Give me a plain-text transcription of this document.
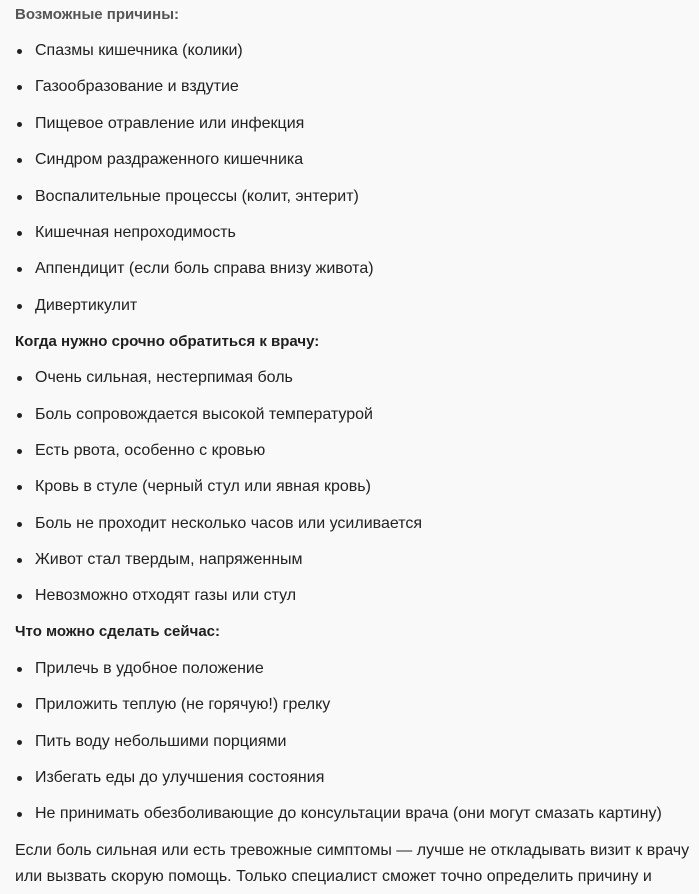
Возможные причины:
Спазмы кишечника (колики)
Газообразование и вздутие
Пищевое отравление или инфекция
Синдром раздраженного кишечника
Воспалительные процессы (колит, энтерит)
Кишечная непроходимость
Аппендицит (если боль справа внизу живота)
Дивертикулит
Когда нужно срочно обратиться к врачу:
Очень сильная, нестерпимая боль
Боль сопровождается высокой температурой
Есть рвота, особенно с кровью
Кровь в стуле (черный стул или явная кровь)
Боль не проходит несколько часов или усиливается
Живот стал твердым, напряженным
Невозможно отходят газы или стул
Что можно сделать сейчас:
Прилечь в удобное положение
Приложить теплую (не горячую!) грелку
Пить воду небольшими порциями
Избегать еды до улучшения состояния
Не принимать обезболивающие до консультации врача (они могут смазать картину)

Если боль сильная или есть тревожные симптомы — лучше не откладывать визит к врачу или вызвать скорую помощь. Только специалист сможет точно определить причину и
